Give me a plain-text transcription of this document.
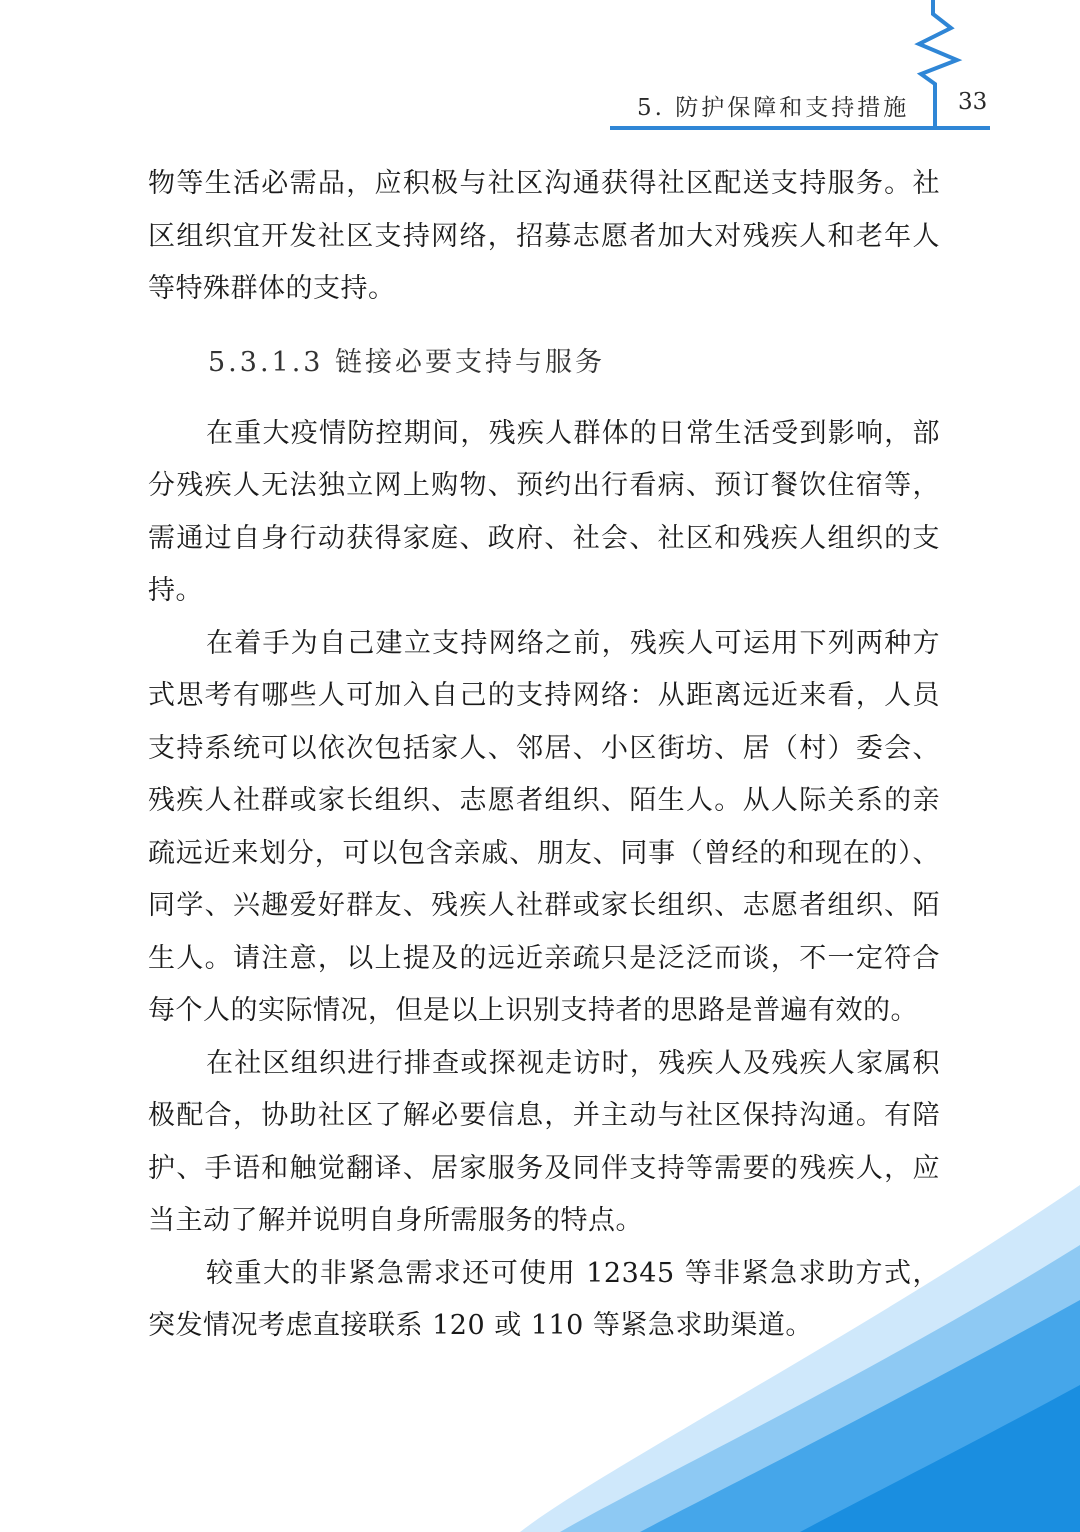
5. 防护保障和支持措施 33

物等生活必需品，应积极与社区沟通获得社区配送支持服务。社区组织宜开发社区支持网络，招募志愿者加大对残疾人和老年人等特殊群体的支持。

5.3.1.3 链接必要支持与服务

在重大疫情防控期间，残疾人群体的日常生活受到影响，部分残疾人无法独立网上购物、预约出行看病、预订餐饮住宿等，需通过自身行动获得家庭、政府、社会、社区和残疾人组织的支持。

在着手为自己建立支持网络之前，残疾人可运用下列两种方式思考有哪些人可加入自己的支持网络：从距离远近来看，人员支持系统可以依次包括家人、邻居、小区街坊、居（村）委会、残疾人社群或家长组织、志愿者组织、陌生人。从人际关系的亲疏远近来划分，可以包含亲戚、朋友、同事（曾经的和现在的）、同学、兴趣爱好群友、残疾人社群或家长组织、志愿者组织、陌生人。请注意，以上提及的远近亲疏只是泛泛而谈，不一定符合每个人的实际情况，但是以上识别支持者的思路是普遍有效的。

在社区组织进行排查或探视走访时，残疾人及残疾人家属积极配合，协助社区了解必要信息，并主动与社区保持沟通。有陪护、手语和触觉翻译、居家服务及同伴支持等需要的残疾人，应当主动了解并说明自身所需服务的特点。

较重大的非紧急需求还可使用 12345 等非紧急求助方式，突发情况考虑直接联系 120 或 110 等紧急求助渠道。
